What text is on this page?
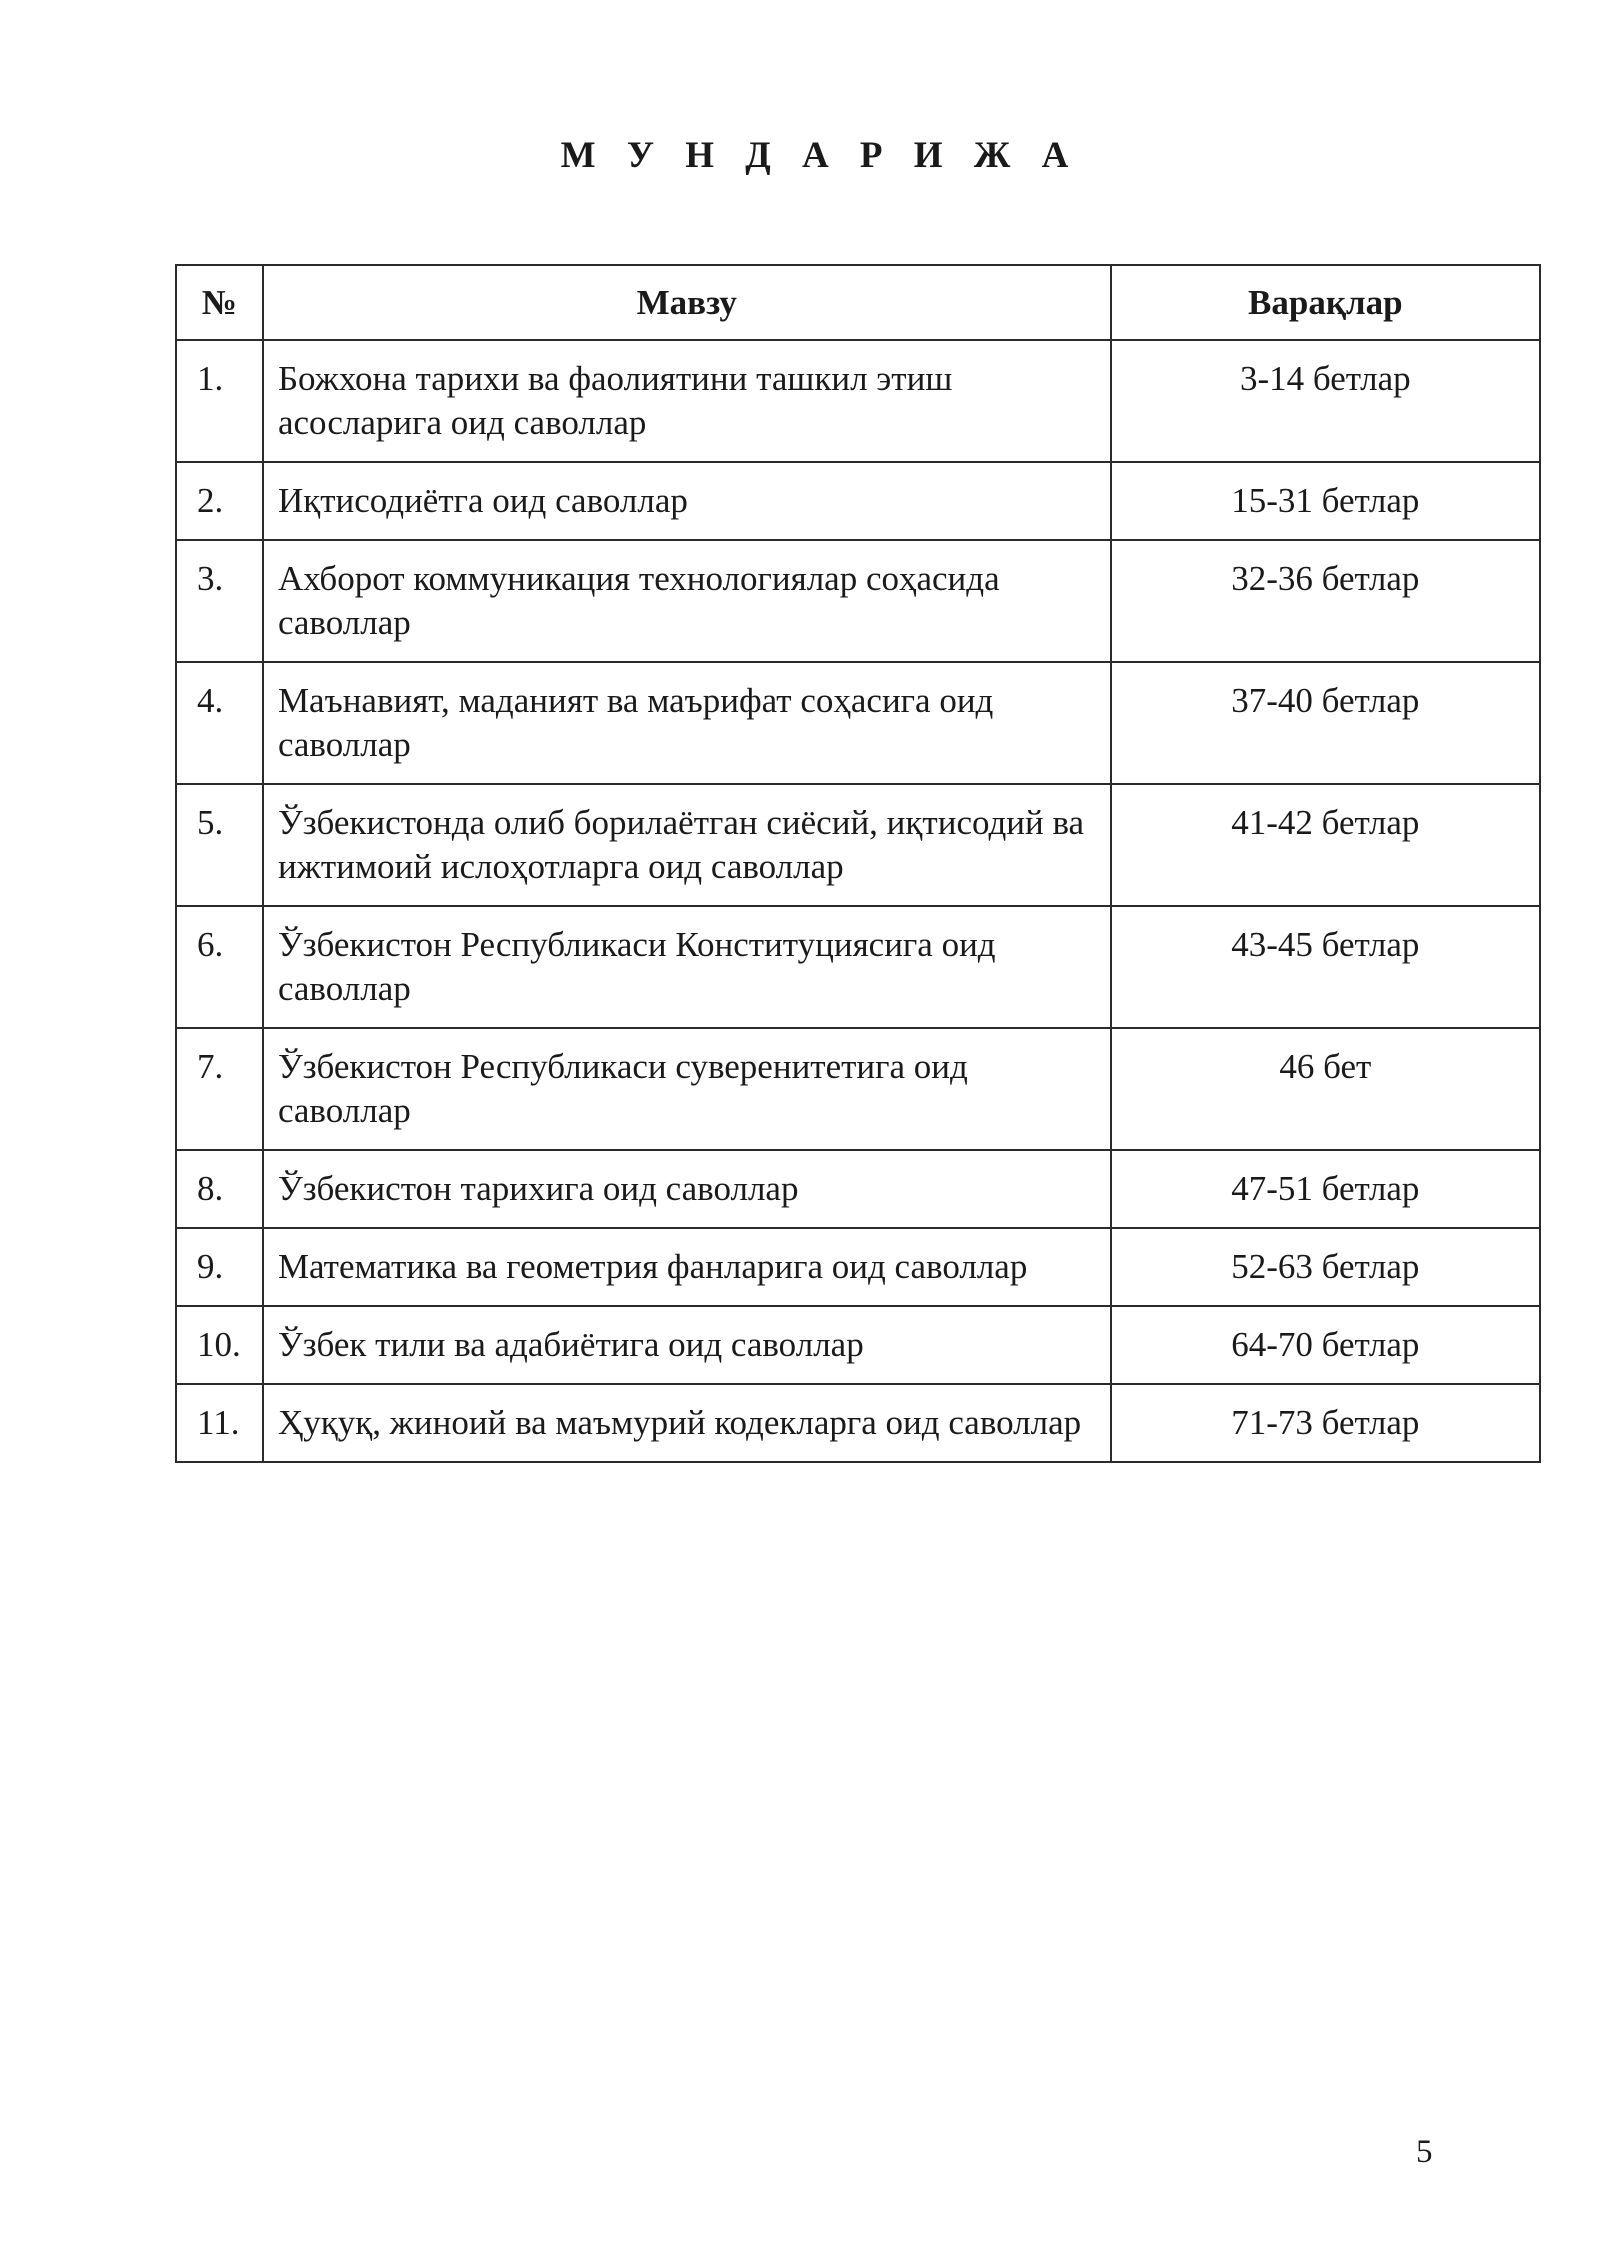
М У Н Д А Р И Ж А
№	Мавзу	Варақлар
1.	Божхона тарихи ва фаолиятини ташкил этиш асосларига оид саволлар	3-14 бетлар
2.	Иқтисодиётга оид саволлар	15-31 бетлар
3.	Ахборот коммуникация технологиялар соҳасида саволлар	32-36 бетлар
4.	Маънавият, маданият ва маърифат соҳасига оид саволлар	37-40 бетлар
5.	Ўзбекистонда олиб борилаётган сиёсий, иқтисодий ва ижтимоий ислоҳотларга оид саволлар	41-42 бетлар
6.	Ўзбекистон Республикаси Конституциясига оид саволлар	43-45 бетлар
7.	Ўзбекистон Республикаси суверенитетига оид саволлар	46 бет
8.	Ўзбекистон тарихига оид саволлар	47-51 бетлар
9.	Математика ва геометрия фанларига оид саволлар	52-63 бетлар
10.	Ўзбек тили ва адабиётига оид саволлар	64-70 бетлар
11.	Ҳуқуқ, жиноий ва маъмурий кодекларга оид саволлар	71-73 бетлар
5
